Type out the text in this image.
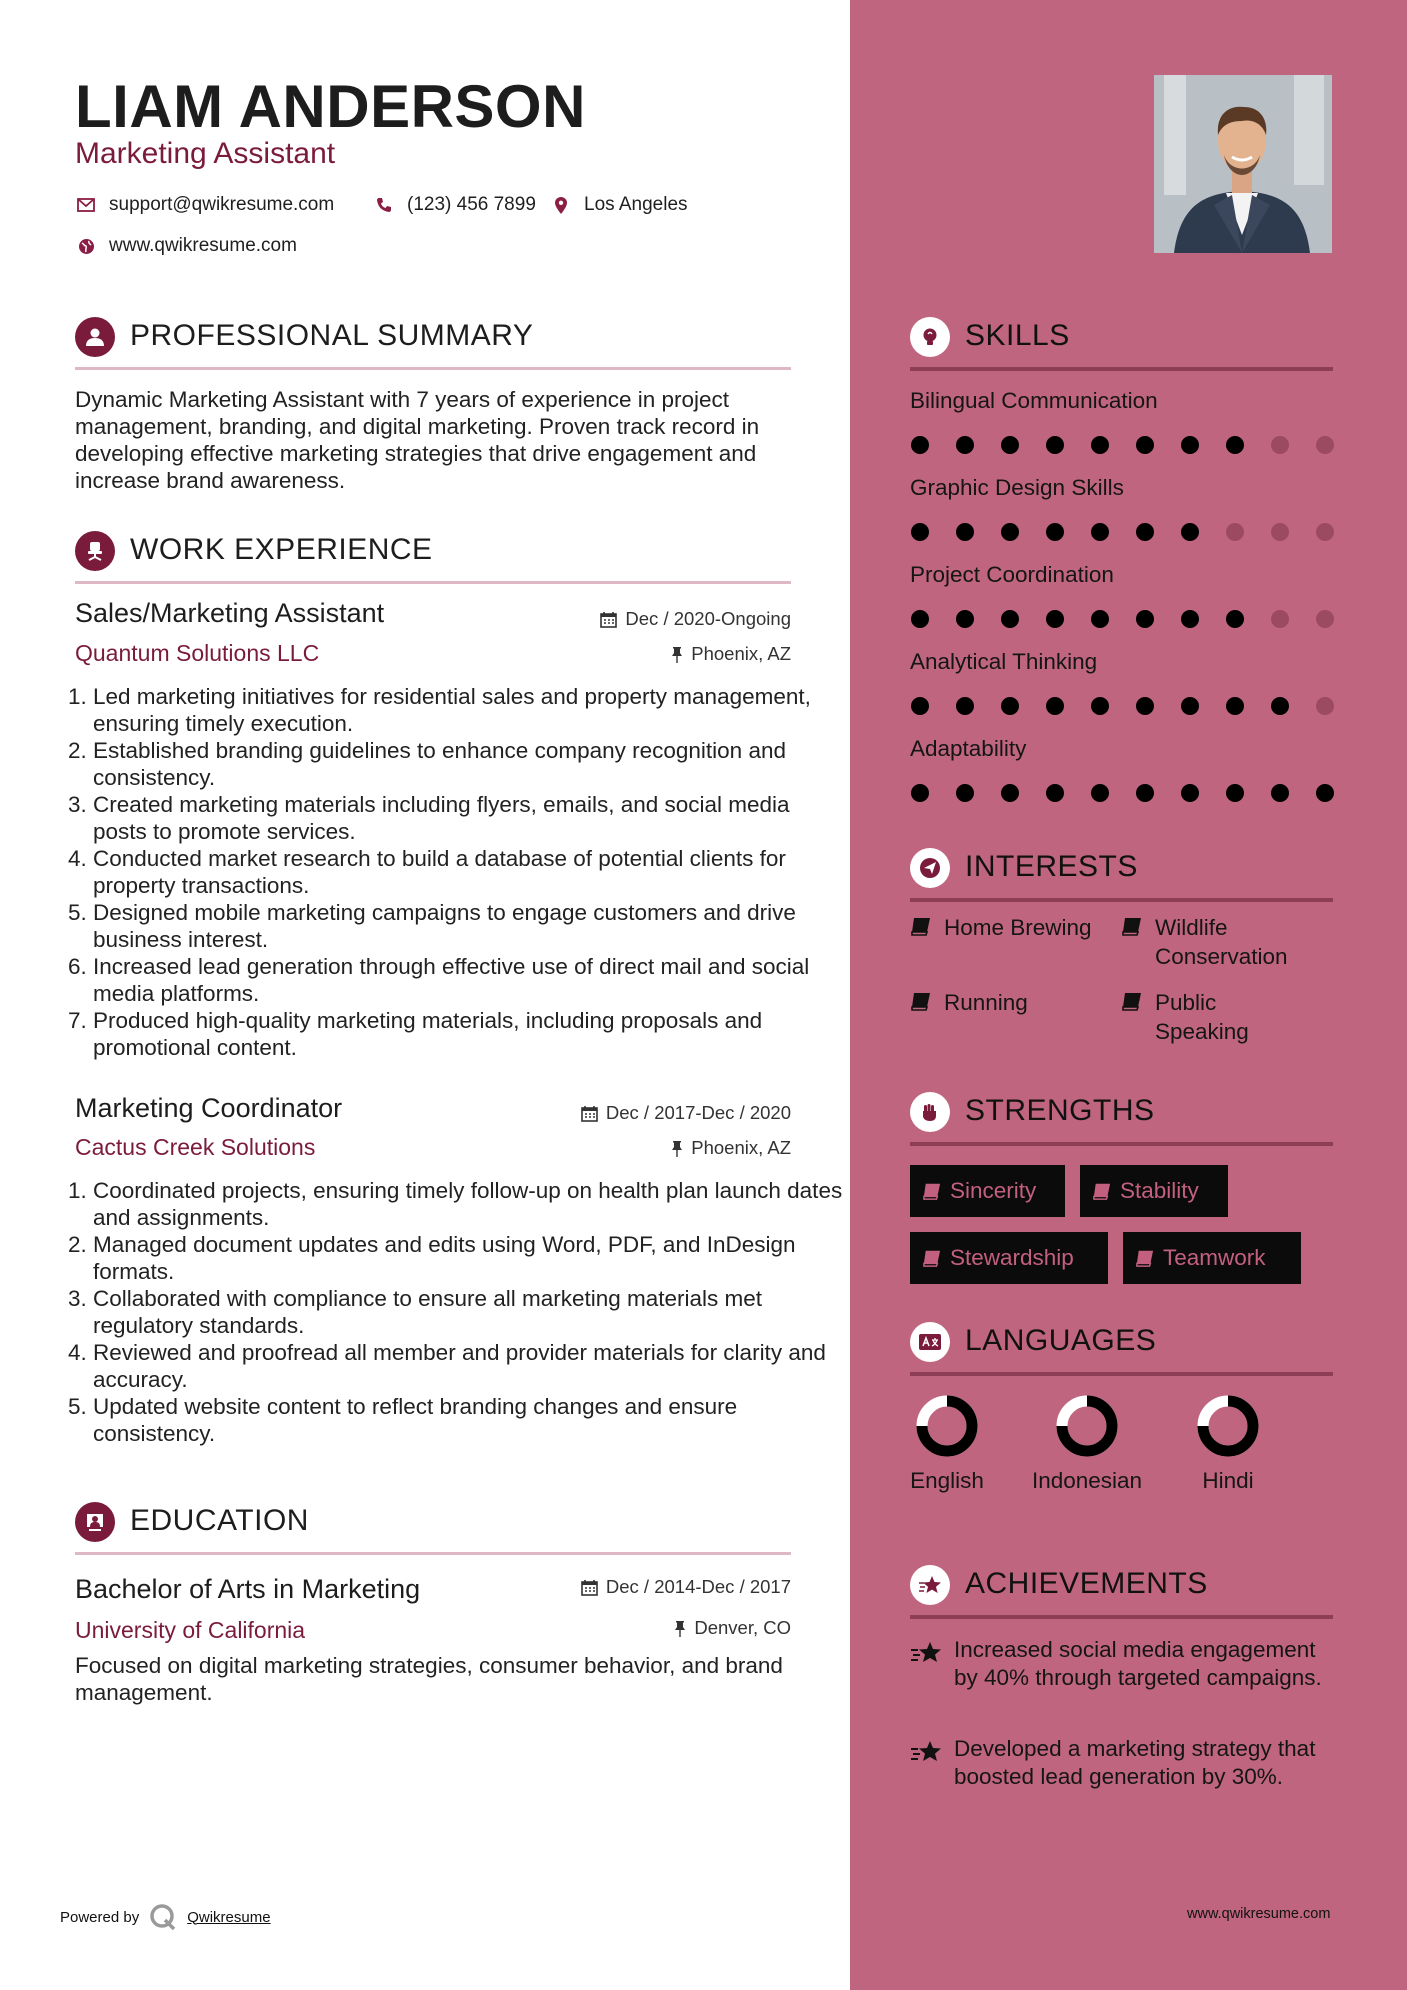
LIAM ANDERSON
Marketing Assistant
support@qwikresume.com	(123) 456 7899	Los Angeles
www.qwikresume.com
PROFESSIONAL SUMMARY
Dynamic Marketing Assistant with 7 years of experience in project management, branding, and digital marketing. Proven track record in developing effective marketing strategies that drive engagement and increase brand awareness.
WORK EXPERIENCE
Sales/Marketing Assistant	Dec / 2020-Ongoing
Quantum Solutions LLC	Phoenix, AZ
1. Led marketing initiatives for residential sales and property management, ensuring timely execution.
2. Established branding guidelines to enhance company recognition and consistency.
3. Created marketing materials including flyers, emails, and social media posts to promote services.
4. Conducted market research to build a database of potential clients for property transactions.
5. Designed mobile marketing campaigns to engage customers and drive business interest.
6. Increased lead generation through effective use of direct mail and social media platforms.
7. Produced high-quality marketing materials, including proposals and promotional content.
Marketing Coordinator	Dec / 2017-Dec / 2020
Cactus Creek Solutions	Phoenix, AZ
1. Coordinated projects, ensuring timely follow-up on health plan launch dates and assignments.
2. Managed document updates and edits using Word, PDF, and InDesign formats.
3. Collaborated with compliance to ensure all marketing materials met regulatory standards.
4. Reviewed and proofread all member and provider materials for clarity and accuracy.
5. Updated website content to reflect branding changes and ensure consistency.
EDUCATION
Bachelor of Arts in Marketing	Dec / 2014-Dec / 2017
University of California	Denver, CO
Focused on digital marketing strategies, consumer behavior, and brand management.
Powered by	Qwikresume	www.qwikresume.com
SKILLS
Bilingual Communication
Graphic Design Skills
Project Coordination
Analytical Thinking
Adaptability
INTERESTS
Home Brewing	Wildlife Conservation
Running	Public Speaking
STRENGTHS
Sincerity	Stability
Stewardship	Teamwork
LANGUAGES
English	Indonesian	Hindi
ACHIEVEMENTS
Increased social media engagement by 40% through targeted campaigns.
Developed a marketing strategy that boosted lead generation by 30%.
